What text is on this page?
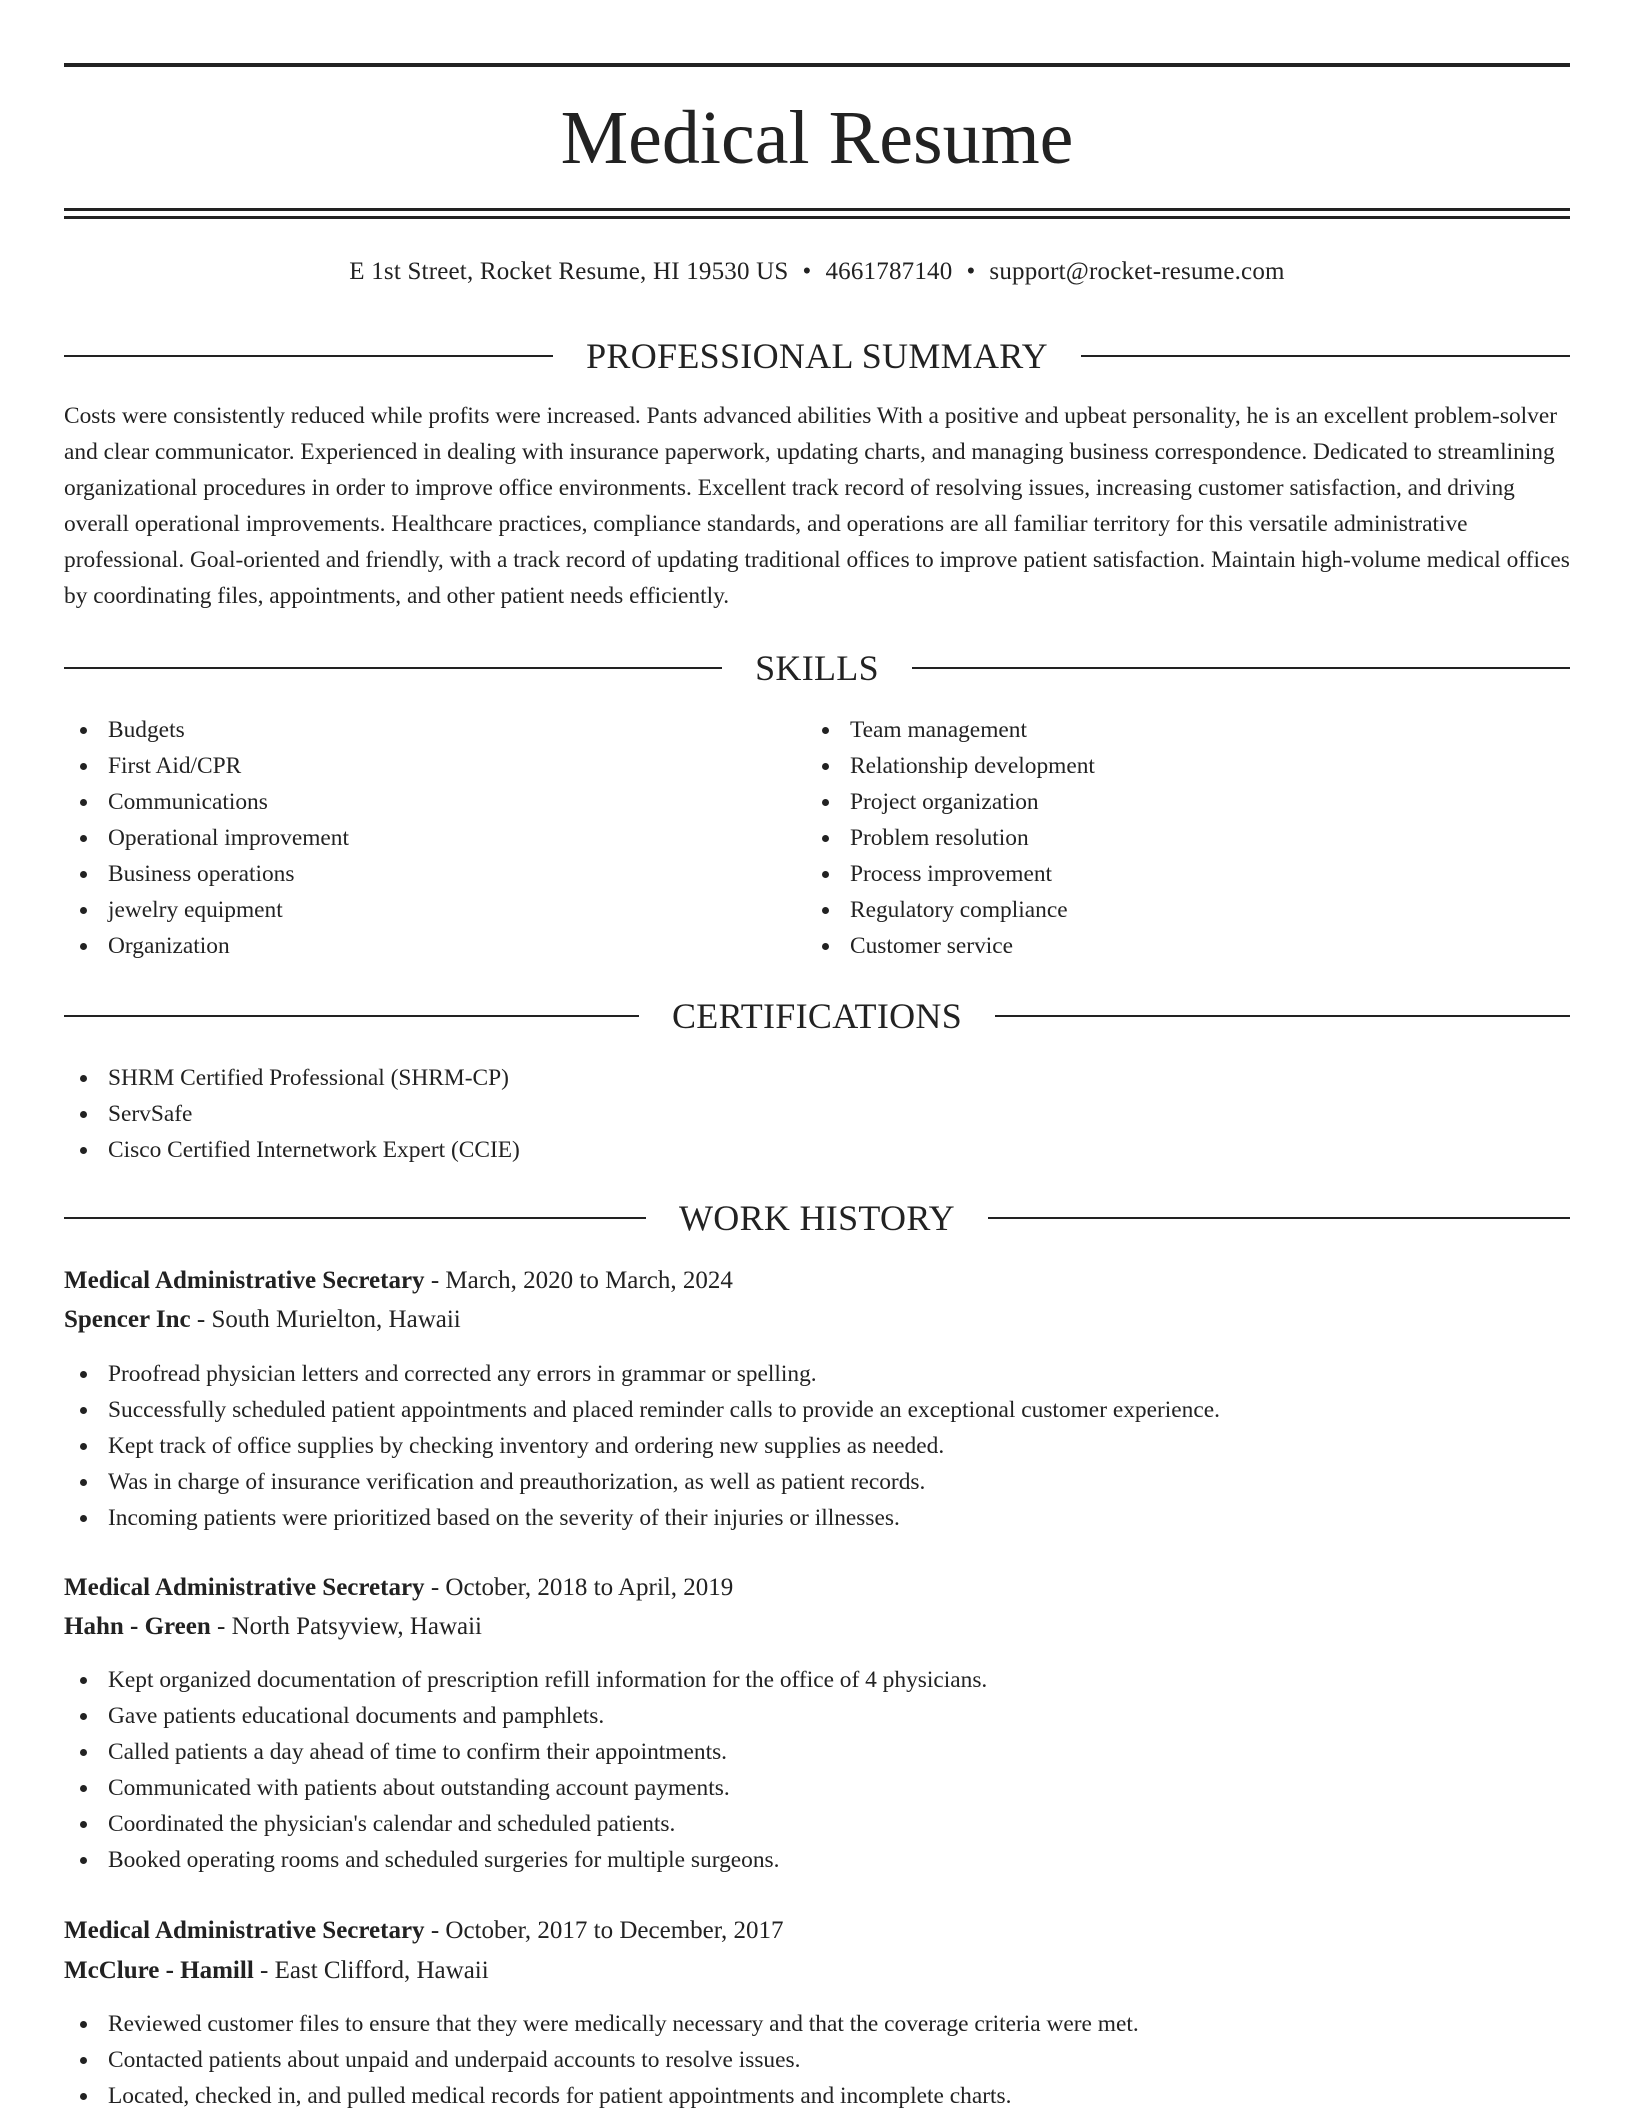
Medical Resume
E 1st Street, Rocket Resume, HI 19530 US • 4661787140 • support@rocket-resume.com
PROFESSIONAL SUMMARY

Costs were consistently reduced while profits were increased. Pants advanced abilities With a positive and upbeat personality, he is an excellent problem-solver and clear communicator. Experienced in dealing with insurance paperwork, updating charts, and managing business correspondence. Dedicated to streamlining organizational procedures in order to improve office environments. Excellent track record of resolving issues, increasing customer satisfaction, and driving overall operational improvements. Healthcare practices, compliance standards, and operations are all familiar territory for this versatile administrative professional. Goal-oriented and friendly, with a track record of updating traditional offices to improve patient satisfaction. Maintain high-volume medical offices by coordinating files, appointments, and other patient needs efficiently.

SKILLS
Budgets
First Aid/CPR
Communications
Operational improvement
Business operations
jewelry equipment
Organization
Team management
Relationship development
Project organization
Problem resolution
Process improvement
Regulatory compliance
Customer service
CERTIFICATIONS
SHRM Certified Professional (SHRM-CP)
ServSafe
Cisco Certified Internetwork Expert (CCIE)
WORK HISTORY
Medical Administrative Secretary - March, 2020 to March, 2024
Spencer Inc - South Murielton, Hawaii
Proofread physician letters and corrected any errors in grammar or spelling.
Successfully scheduled patient appointments and placed reminder calls to provide an exceptional customer experience.
Kept track of office supplies by checking inventory and ordering new supplies as needed.
Was in charge of insurance verification and preauthorization, as well as patient records.
Incoming patients were prioritized based on the severity of their injuries or illnesses.
Medical Administrative Secretary - October, 2018 to April, 2019
Hahn - Green - North Patsyview, Hawaii
Kept organized documentation of prescription refill information for the office of 4 physicians.
Gave patients educational documents and pamphlets.
Called patients a day ahead of time to confirm their appointments.
Communicated with patients about outstanding account payments.
Coordinated the physician's calendar and scheduled patients.
Booked operating rooms and scheduled surgeries for multiple surgeons.
Medical Administrative Secretary - October, 2017 to December, 2017
McClure - Hamill - East Clifford, Hawaii
Reviewed customer files to ensure that they were medically necessary and that the coverage criteria were met.
Contacted patients about unpaid and underpaid accounts to resolve issues.
Located, checked in, and pulled medical records for patient appointments and incomplete charts.
